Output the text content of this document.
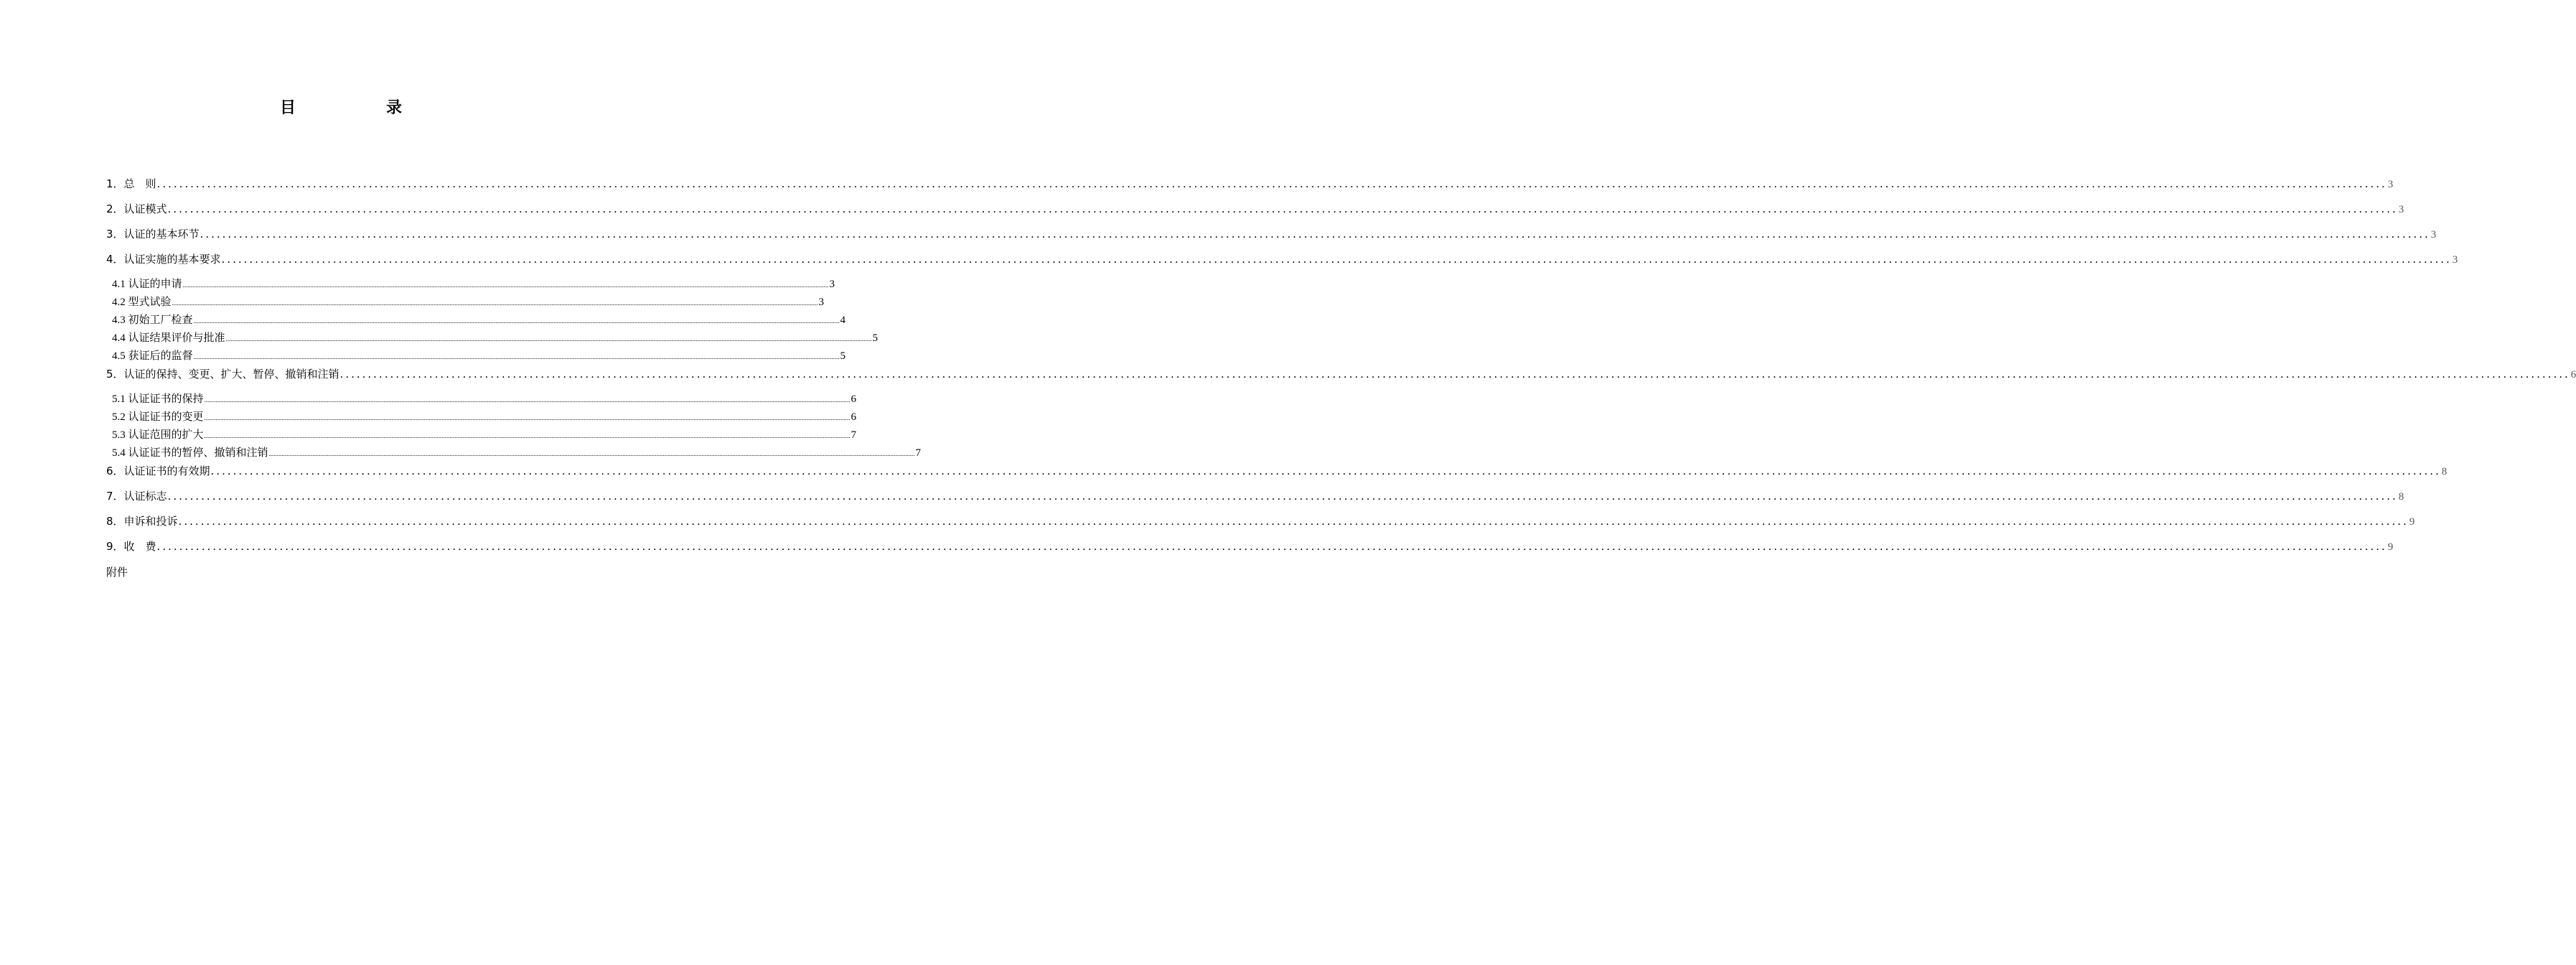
目　录
1．总　则 ................................................................................................................................................................................................................................................................................................................................................................................................................ 3
2．认证模式 ................................................................................................................................................................................................................................................................................................................................................................................................................ 3
3．认证的基本环节 ................................................................................................................................................................................................................................................................................................................................................................................................................ 3
4．认证实施的基本要求 ................................................................................................................................................................................................................................................................................................................................................................................................................ 3
4.1 认证的申请 ................................................................................................................................................................................................................................................................................................................................................................................................................ 3
4.2 型式试验 ................................................................................................................................................................................................................................................................................................................................................................................................................ 3
4.3 初始工厂检查 ................................................................................................................................................................................................................................................................................................................................................................................................................ 4
4.4 认证结果评价与批准 ................................................................................................................................................................................................................................................................................................................................................................................................................ 5
4.5 获证后的监督 ................................................................................................................................................................................................................................................................................................................................................................................................................ 5
5．认证的保持、变更、扩大、暂停、撤销和注销 ................................................................................................................................................................................................................................................................................................................................................................................................................ 6
5.1 认证证书的保持 ................................................................................................................................................................................................................................................................................................................................................................................................................ 6
5.2 认证证书的变更 ................................................................................................................................................................................................................................................................................................................................................................................................................ 6
5.3 认证范围的扩大 ................................................................................................................................................................................................................................................................................................................................................................................................................ 7
5.4 认证证书的暂停、撤销和注销 ................................................................................................................................................................................................................................................................................................................................................................................................................ 7
6．认证证书的有效期 ................................................................................................................................................................................................................................................................................................................................................................................................................ 8
7．认证标志 ................................................................................................................................................................................................................................................................................................................................................................................................................ 8
8．申诉和投诉 ................................................................................................................................................................................................................................................................................................................................................................................................................ 9
9．收　费 ................................................................................................................................................................................................................................................................................................................................................................................................................ 9
附件
